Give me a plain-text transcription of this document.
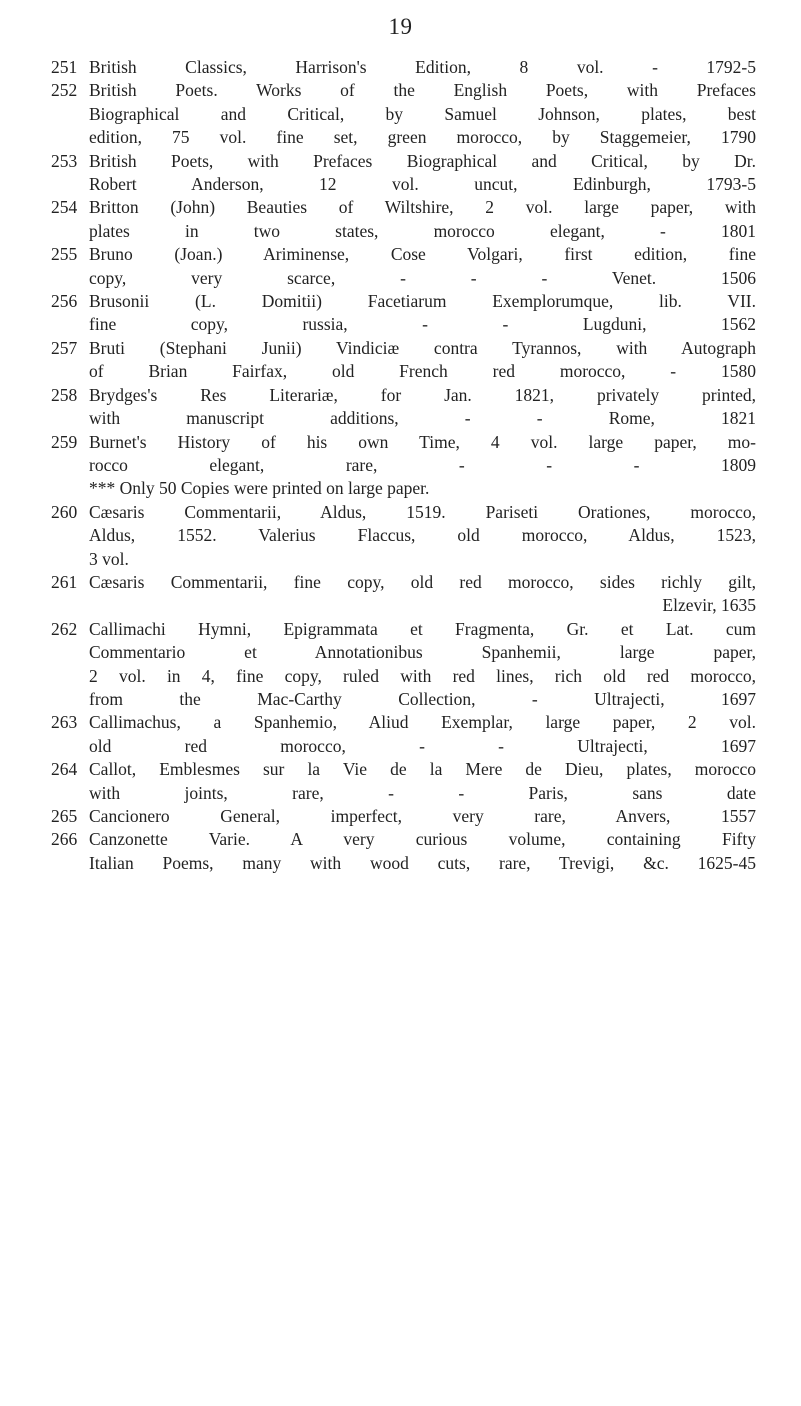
19
251 British Classics, Harrison's Edition, 8 vol. - 1792-5
252 British Poets. Works of the English Poets, with Prefaces
Biographical and Critical, by Samuel Johnson, plates, best
edition, 75 vol. fine set, green morocco, by Staggemeier, 1790
253 British Poets, with Prefaces Biographical and Critical, by Dr.
Robert Anderson, 12 vol. uncut, Edinburgh, 1793-5
254 Britton (John) Beauties of Wiltshire, 2 vol. large paper, with
plates in two states, morocco elegant, - 1801
255 Bruno (Joan.) Ariminense, Cose Volgari, first edition, fine
copy, very scarce, - - - Venet. 1506
256 Brusonii (L. Domitii) Facetiarum Exemplorumque, lib. VII.
fine copy, russia, - - Lugduni, 1562
257 Bruti (Stephani Junii) Vindiciæ contra Tyrannos, with Autograph
of Brian Fairfax, old French red morocco, - 1580
258 Brydges's Res Literariæ, for Jan. 1821, privately printed,
with manuscript additions, - - Rome, 1821
259 Burnet's History of his own Time, 4 vol. large paper, mo-
rocco elegant, rare, - - - 1809
*** Only 50 Copies were printed on large paper.
260 Cæsaris Commentarii, Aldus, 1519. Pariseti Orationes, morocco,
Aldus, 1552. Valerius Flaccus, old morocco, Aldus, 1523,
3 vol.
261 Cæsaris Commentarii, fine copy, old red morocco, sides richly gilt,
Elzevir, 1635
262 Callimachi Hymni, Epigrammata et Fragmenta, Gr. et Lat. cum
Commentario et Annotationibus Spanhemii, large paper,
2 vol. in 4, fine copy, ruled with red lines, rich old red morocco,
from the Mac-Carthy Collection, - Ultrajecti, 1697
263 Callimachus, a Spanhemio, Aliud Exemplar, large paper, 2 vol.
old red morocco, - - Ultrajecti, 1697
264 Callot, Emblesmes sur la Vie de la Mere de Dieu, plates, morocco
with joints, rare, - - Paris, sans date
265 Cancionero General, imperfect, very rare, Anvers, 1557
266 Canzonette Varie. A very curious volume, containing Fifty
Italian Poems, many with wood cuts, rare, Trevigi, &c. 1625-45
